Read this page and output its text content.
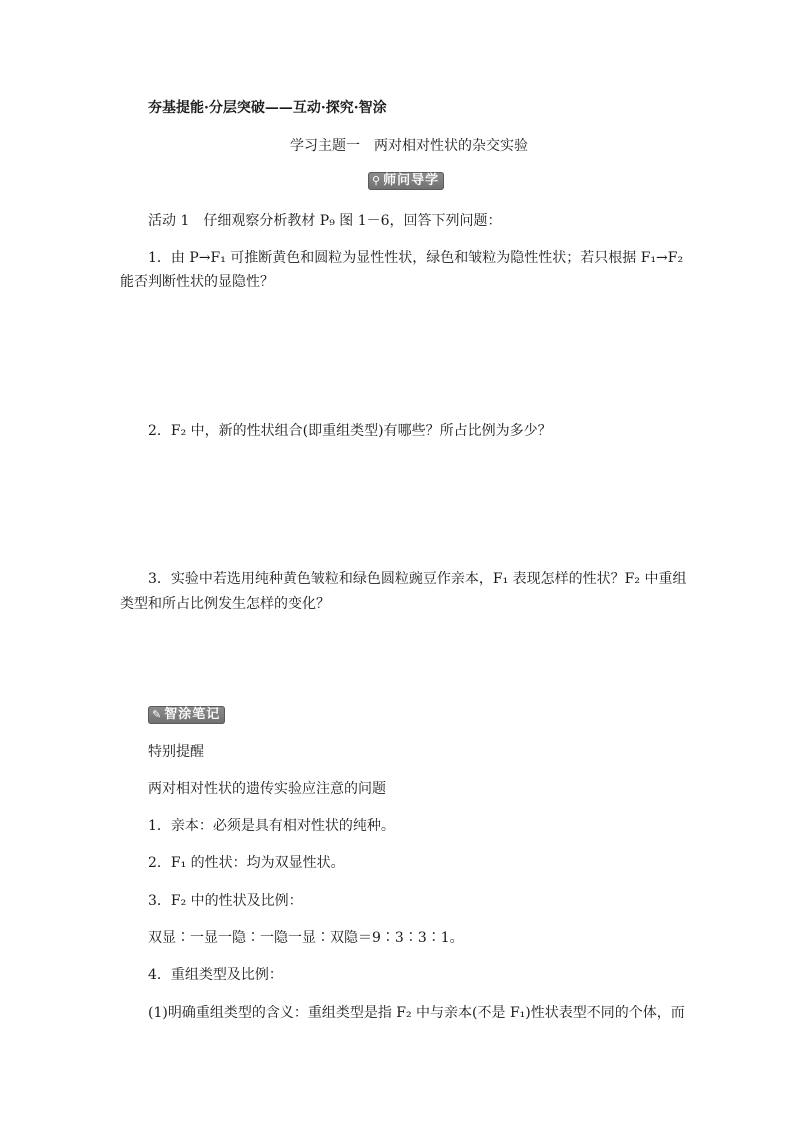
夯基提能·分层突破——互动·探究·智涂
学习主题一　两对相对性状的杂交实验
⚲ 师问导学
活动 1　仔细观察分析教材 P₉ 图 1－6，回答下列问题：
1．由 P→F₁ 可推断黄色和圆粒为显性性状，绿色和皱粒为隐性性状；若只根据 F₁→F₂
能否判断性状的显隐性？
2．F₂ 中，新的性状组合(即重组类型)有哪些？所占比例为多少？
3．实验中若选用纯种黄色皱粒和绿色圆粒豌豆作亲本，F₁ 表现怎样的性状？F₂ 中重组
类型和所占比例发生怎样的变化？
✎ 智涂笔记
特别提醒
两对相对性状的遗传实验应注意的问题
1．亲本：必须是具有相对性状的纯种。
2．F₁ 的性状：均为双显性状。
3．F₂ 中的性状及比例：
双显∶一显一隐∶一隐一显∶双隐＝9∶3∶3∶1。
4．重组类型及比例：
(1)明确重组类型的含义：重组类型是指 F₂ 中与亲本(不是 F₁)性状表型不同的个体，而
